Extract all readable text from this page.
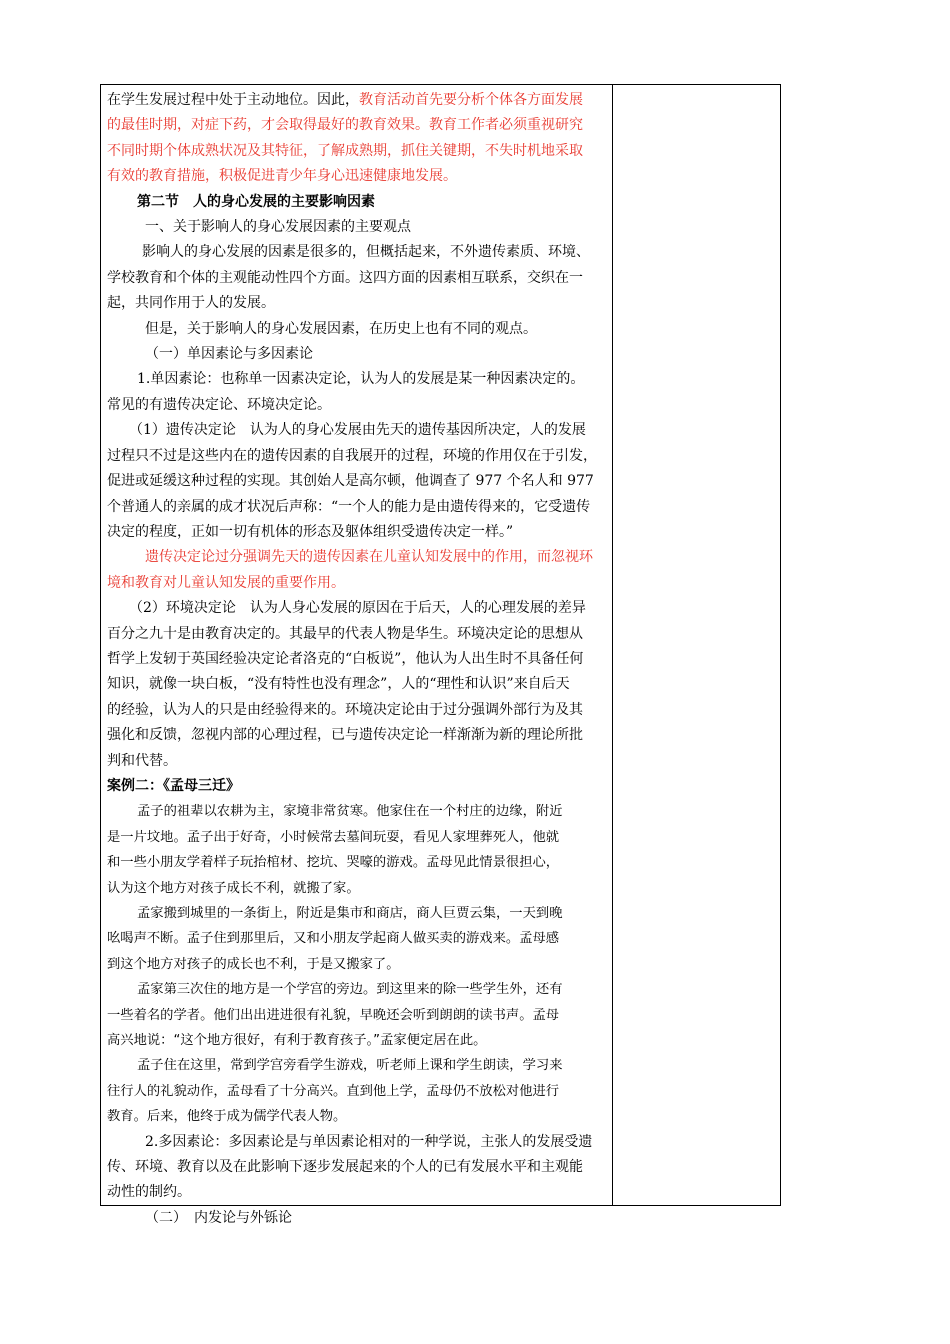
在学生发展过程中处于主动地位。因此，教育活动首先要分析个体各方面发展

的最佳时期，对症下药，才会取得最好的教育效果。教育工作者必须重视研究

不同时期个体成熟状况及其特征，了解成熟期，抓住关键期，不失时机地采取

有效的教育措施，积极促进青少年身心迅速健康地发展。

第二节　人的身心发展的主要影响因素

一、关于影响人的身心发展因素的主要观点

影响人的身心发展的因素是很多的，但概括起来，不外遗传素质、环境、

学校教育和个体的主观能动性四个方面。这四方面的因素相互联系，交织在一

起，共同作用于人的发展。

但是，关于影响人的身心发展因素，在历史上也有不同的观点。

（一）单因素论与多因素论

1.单因素论：也称单一因素决定论，认为人的发展是某一种因素决定的。

常见的有遗传决定论、环境决定论。

（1）遗传决定论　认为人的身心发展由先天的遗传基因所决定，人的发展

过程只不过是这些内在的遗传因素的自我展开的过程，环境的作用仅在于引发，

促进或延缓这种过程的实现。其创始人是高尔顿，他调查了 977 个名人和 977

个普通人的亲属的成才状况后声称：“一个人的能力是由遗传得来的，它受遗传

决定的程度，正如一切有机体的形态及躯体组织受遗传决定一样。”

遗传决定论过分强调先天的遗传因素在儿童认知发展中的作用，而忽视环

境和教育对儿童认知发展的重要作用。

（2）环境决定论　认为人身心发展的原因在于后天，人的心理发展的差异

百分之九十是由教育决定的。其最早的代表人物是华生。环境决定论的思想从

哲学上发轫于英国经验决定论者洛克的“白板说”，他认为人出生时不具备任何

知识，就像一块白板，“没有特性也没有理念”，人的“理性和认识”来自后天

的经验，认为人的只是由经验得来的。环境决定论由于过分强调外部行为及其

强化和反馈，忽视内部的心理过程，已与遗传决定论一样渐渐为新的理论所批

判和代替。

案例二：《孟母三迁》

孟子的祖辈以农耕为主，家境非常贫寒。他家住在一个村庄的边缘，附近

是一片坟地。孟子出于好奇，小时候常去墓间玩耍，看见人家埋葬死人，他就

和一些小朋友学着样子玩抬棺材、挖坑、哭嚎的游戏。孟母见此情景很担心，

认为这个地方对孩子成长不利，就搬了家。

孟家搬到城里的一条街上，附近是集市和商店，商人巨贾云集，一天到晚

吆喝声不断。孟子住到那里后，又和小朋友学起商人做买卖的游戏来。孟母感

到这个地方对孩子的成长也不利，于是又搬家了。

孟家第三次住的地方是一个学宫的旁边。到这里来的除一些学生外，还有

一些着名的学者。他们出出进进很有礼貌，早晚还会听到朗朗的读书声。孟母

高兴地说：“这个地方很好，有利于教育孩子。”孟家便定居在此。

孟子住在这里，常到学宫旁看学生游戏，听老师上课和学生朗读，学习来

往行人的礼貌动作，孟母看了十分高兴。直到他上学，孟母仍不放松对他进行

教育。后来，他终于成为儒学代表人物。

2.多因素论：多因素论是与单因素论相对的一种学说，主张人的发展受遗

传、环境、教育以及在此影响下逐步发展起来的个人的已有发展水平和主观能

动性的制约。

（二）　内发论与外铄论
